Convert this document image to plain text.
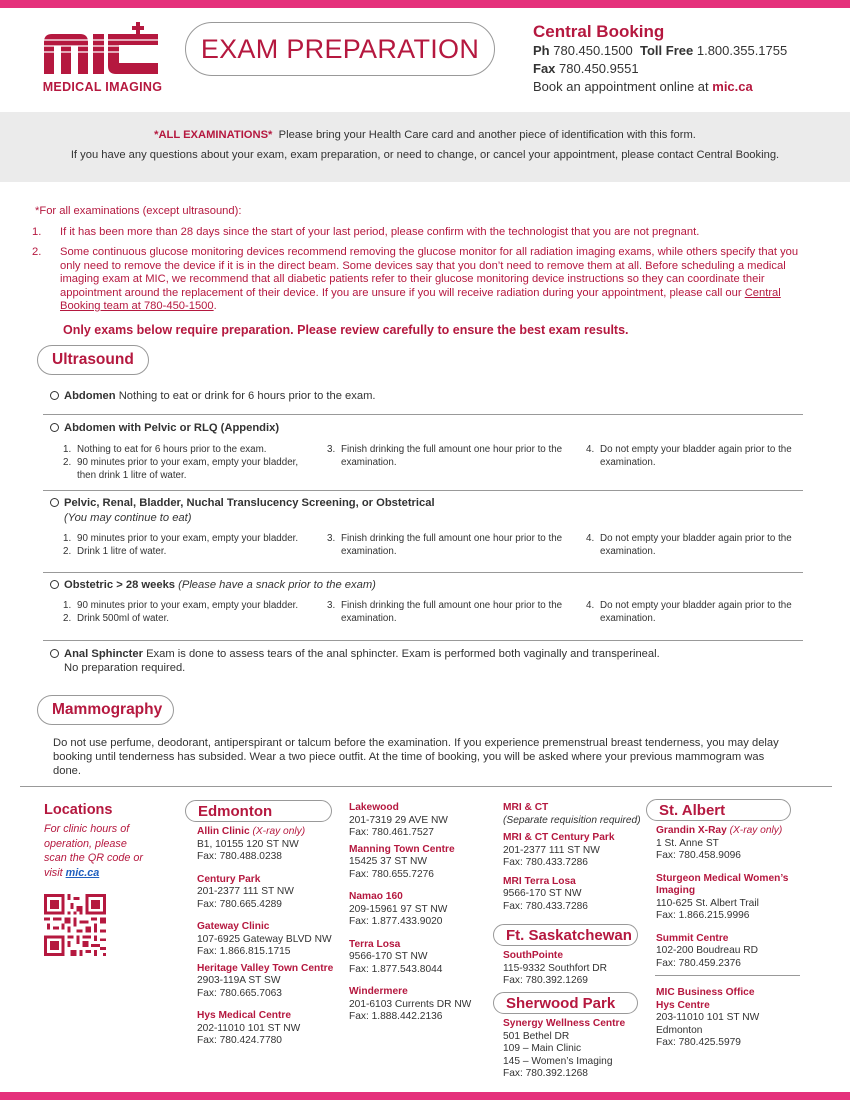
MEDICAL IMAGING
EXAM PREPARATION
Central Booking
Ph 780.450.1500 Toll Free 1.800.355.1755
Fax 780.450.9551
Book an appointment online at mic.ca
*ALL EXAMINATIONS* Please bring your Health Care card and another piece of identification with this form.
If you have any questions about your exam, exam preparation, or need to change, or cancel your appointment, please contact Central Booking.
*For all examinations (except ultrasound):
1. If it has been more than 28 days since the start of your last period, please confirm with the technologist that you are not pregnant.
2. Some continuous glucose monitoring devices recommend removing the glucose monitor for all radiation imaging exams, while others specify that you only need to remove the device if it is in the direct beam. Some devices say that you don’t need to remove them at all. Before scheduling a medical imaging exam at MIC, we recommend that all diabetic patients refer to their glucose monitoring device instructions so they can coordinate their appointment around the replacement of their device. If you are unsure if you will receive radiation during your appointment, please call our Central Booking team at 780-450-1500.
Only exams below require preparation. Please review carefully to ensure the best exam results.
Ultrasound
Abdomen Nothing to eat or drink for 6 hours prior to the exam.
Abdomen with Pelvic or RLQ (Appendix)
1. Nothing to eat for 6 hours prior to the exam.
2. 90 minutes prior to your exam, empty your bladder, then drink 1 litre of water.
3. Finish drinking the full amount one hour prior to the examination.
4. Do not empty your bladder again prior to the examination.
Pelvic, Renal, Bladder, Nuchal Translucency Screening, or Obstetrical
(You may continue to eat)
1. 90 minutes prior to your exam, empty your bladder.
2. Drink 1 litre of water.
3. Finish drinking the full amount one hour prior to the examination.
4. Do not empty your bladder again prior to the examination.
Obstetric > 28 weeks (Please have a snack prior to the exam)
1. 90 minutes prior to your exam, empty your bladder.
2. Drink 500ml of water.
3. Finish drinking the full amount one hour prior to the examination.
4. Do not empty your bladder again prior to the examination.
Anal Sphincter Exam is done to assess tears of the anal sphincter. Exam is performed both vaginally and transperineal.
No preparation required.
Mammography
Do not use perfume, deodorant, antiperspirant or talcum before the examination. If you experience premenstrual breast tenderness, you may delay booking until tenderness has subsided. Wear a two piece outfit. At the time of booking, you will be asked where your previous mammogram was done.
Locations
For clinic hours of operation, please scan the QR code or visit mic.ca
Edmonton
Allin Clinic (X-ray only)
B1, 10155 120 ST NW
Fax: 780.488.0238
Century Park
201-2377 111 ST NW
Fax: 780.665.4289
Gateway Clinic
107-6925 Gateway BLVD NW
Fax: 1.866.815.1715
Heritage Valley Town Centre
2903-119A ST SW
Fax: 780.665.7063
Hys Medical Centre
202-11010 101 ST NW
Fax: 780.424.7780
Lakewood
201-7319 29 AVE NW
Fax: 780.461.7527
Manning Town Centre
15425 37 ST NW
Fax: 780.655.7276
Namao 160
209-15961 97 ST NW
Fax: 1.877.433.9020
Terra Losa
9566-170 ST NW
Fax: 1.877.543.8044
Windermere
201-6103 Currents DR NW
Fax: 1.888.442.2136
MRI & CT
(Separate requisition required)
MRI & CT Century Park
201-2377 111 ST NW
Fax: 780.433.7286
MRI Terra Losa
9566-170 ST NW
Fax: 780.433.7286
Ft. Saskatchewan
SouthPointe
115-9332 Southfort DR
Fax: 780.392.1269
Sherwood Park
Synergy Wellness Centre
501 Bethel DR
109 – Main Clinic
145 – Women’s Imaging
Fax: 780.392.1268
St. Albert
Grandin X-Ray (X-ray only)
1 St. Anne ST
Fax: 780.458.9096
Sturgeon Medical Women’s Imaging
110-625 St. Albert Trail
Fax: 1.866.215.9996
Summit Centre
102-200 Boudreau RD
Fax: 780.459.2376
MIC Business Office
Hys Centre
203-11010 101 ST NW
Edmonton
Fax: 780.425.5979
